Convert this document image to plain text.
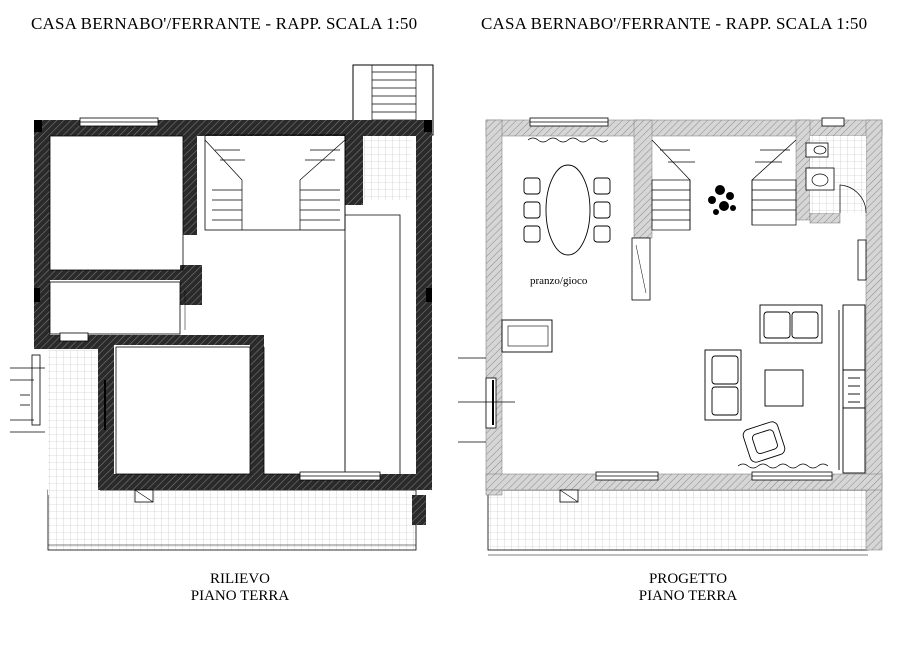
CASA BERNABO'/FERRANTE - RAPP. SCALA 1:50	CASA BERNABO'/FERRANTE - RAPP. SCALA 1:50
RILIEVO
PIANO TERRA
PROGETTO
PIANO TERRA
pranzo/gioco
